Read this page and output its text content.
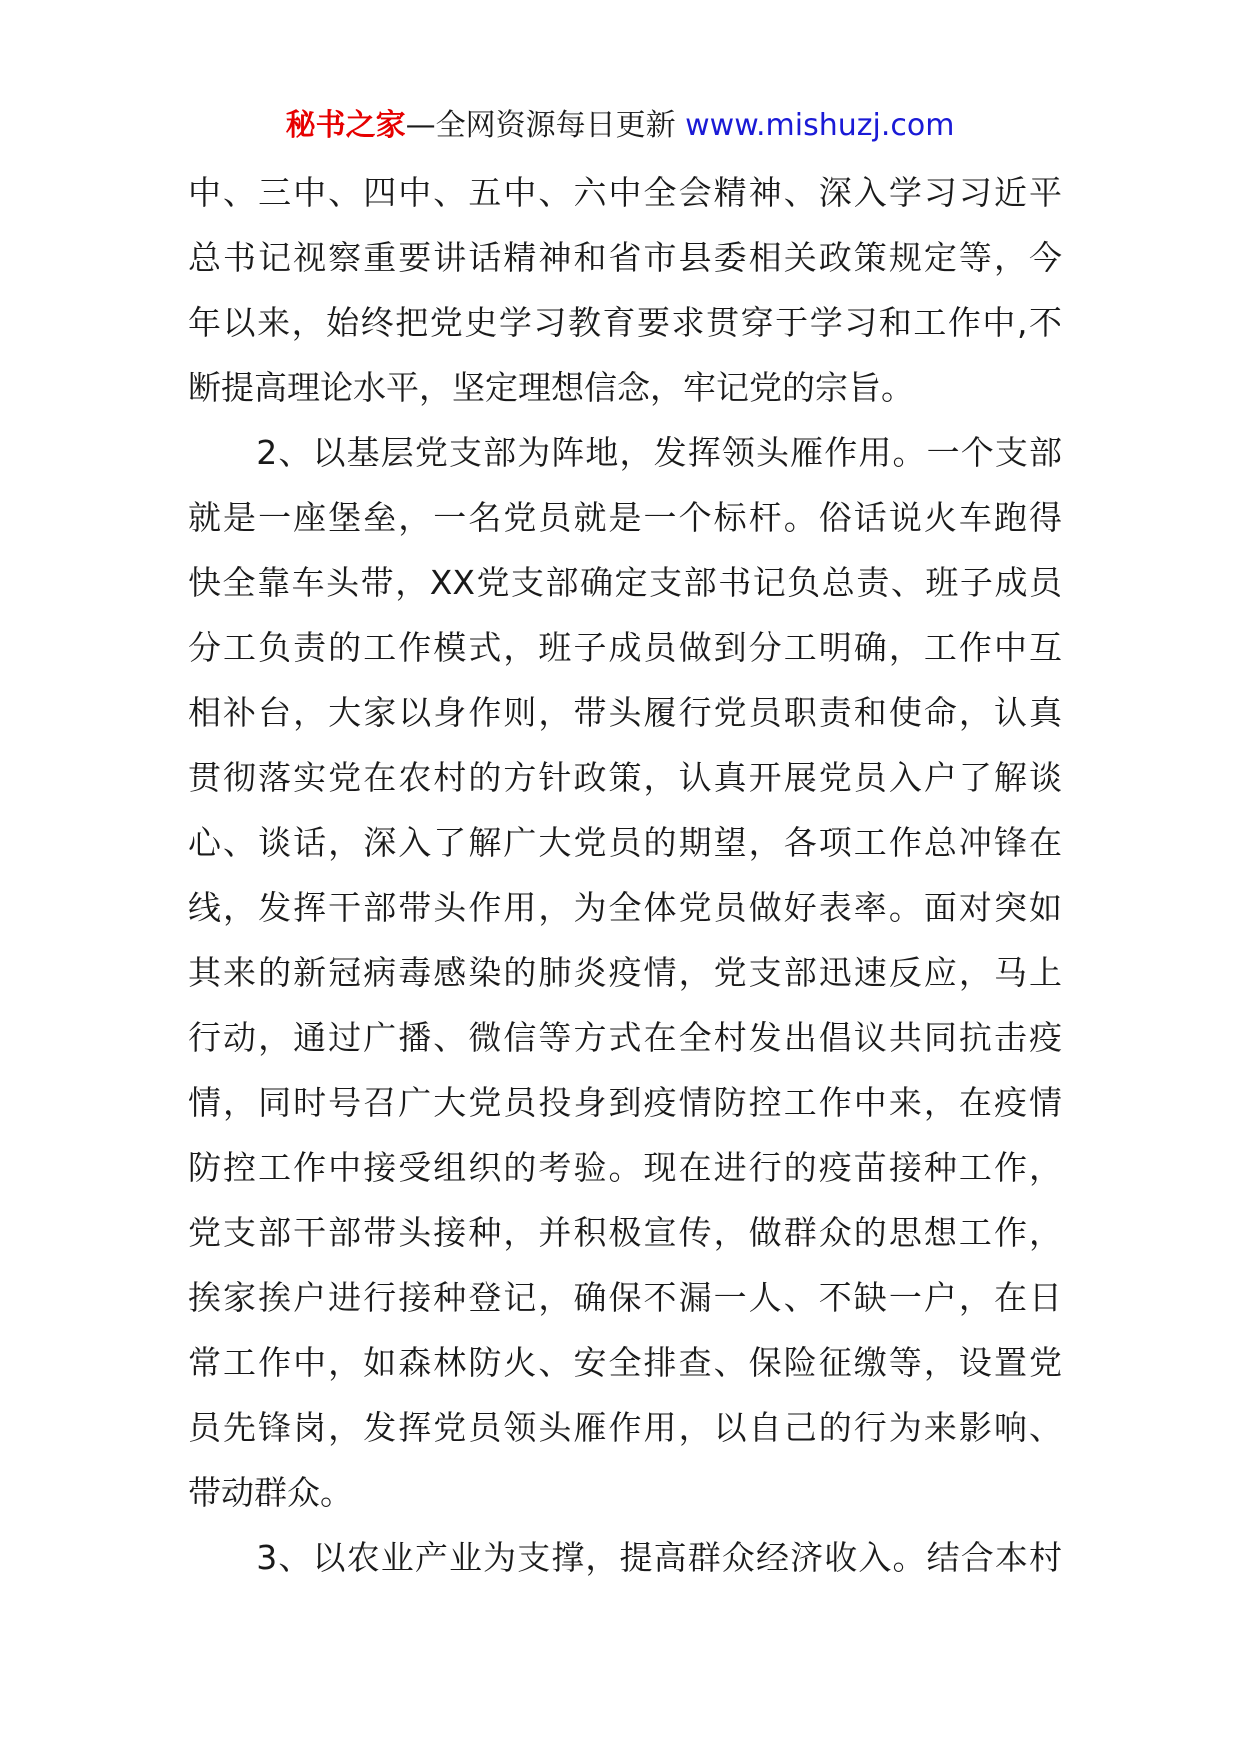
秘书之家—全网资源每日更新 www.mishuzj.com
中、三中、四中、五中、六中全会精神、深入学习习近平
总书记视察重要讲话精神和省市县委相关政策规定等，今
年以来，始终把党史学习教育要求贯穿于学习和工作中,不
断提高理论水平，坚定理想信念，牢记党的宗旨。
　　2、以基层党支部为阵地，发挥领头雁作用。一个支部
就是一座堡垒，一名党员就是一个标杆。俗话说火车跑得
快全靠车头带，XX党支部确定支部书记负总责、班子成员
分工负责的工作模式，班子成员做到分工明确，工作中互
相补台，大家以身作则，带头履行党员职责和使命，认真
贯彻落实党在农村的方针政策，认真开展党员入户了解谈
心、谈话，深入了解广大党员的期望，各项工作总冲锋在
线，发挥干部带头作用，为全体党员做好表率。面对突如
其来的新冠病毒感染的肺炎疫情，党支部迅速反应，马上
行动，通过广播、微信等方式在全村发出倡议共同抗击疫
情，同时号召广大党员投身到疫情防控工作中来，在疫情
防控工作中接受组织的考验。现在进行的疫苗接种工作，
党支部干部带头接种，并积极宣传，做群众的思想工作，
挨家挨户进行接种登记，确保不漏一人、不缺一户，在日
常工作中，如森林防火、安全排查、保险征缴等，设置党
员先锋岗，发挥党员领头雁作用，以自己的行为来影响、
带动群众。
　　3、以农业产业为支撑，提高群众经济收入。结合本村
